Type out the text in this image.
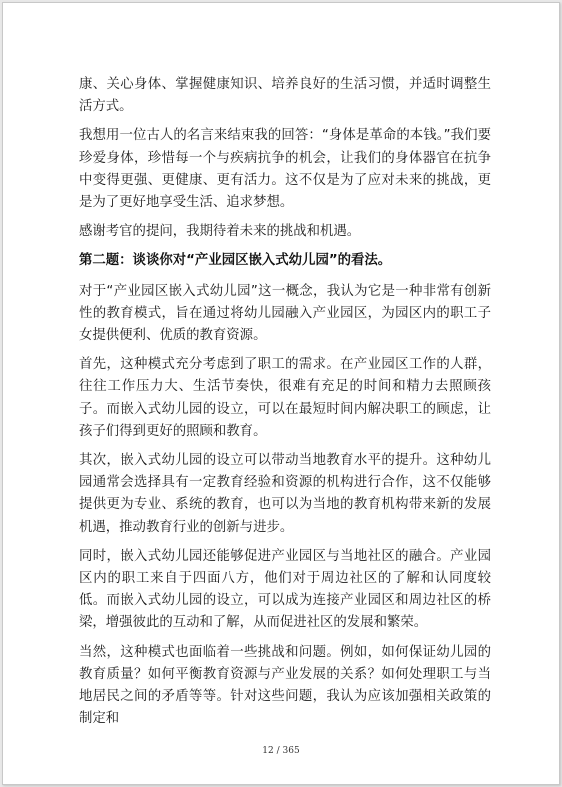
康、关心身体、掌握健康知识、培养良好的生活习惯，并适时调整生活方式。

我想用一位古人的名言来结束我的回答：“身体是革命的本钱。”我们要珍爱身体，珍惜每一个与疾病抗争的机会，让我们的身体器官在抗争中变得更强、更健康、更有活力。这不仅是为了应对未来的挑战，更是为了更好地享受生活、追求梦想。

感谢考官的提问，我期待着未来的挑战和机遇。

第二题：谈谈你对“产业园区嵌入式幼儿园”的看法。

对于“产业园区嵌入式幼儿园”这一概念，我认为它是一种非常有创新性的教育模式，旨在通过将幼儿园融入产业园区，为园区内的职工子女提供便利、优质的教育资源。

首先，这种模式充分考虑到了职工的需求。在产业园区工作的人群，往往工作压力大、生活节奏快，很难有充足的时间和精力去照顾孩子。而嵌入式幼儿园的设立，可以在最短时间内解决职工的顾虑，让孩子们得到更好的照顾和教育。

其次，嵌入式幼儿园的设立可以带动当地教育水平的提升。这种幼儿园通常会选择具有一定教育经验和资源的机构进行合作，这不仅能够提供更为专业、系统的教育，也可以为当地的教育机构带来新的发展机遇，推动教育行业的创新与进步。

同时，嵌入式幼儿园还能够促进产业园区与当地社区的融合。产业园区内的职工来自于四面八方，他们对于周边社区的了解和认同度较低。而嵌入式幼儿园的设立，可以成为连接产业园区和周边社区的桥梁，增强彼此的互动和了解，从而促进社区的发展和繁荣。

当然，这种模式也面临着一些挑战和问题。例如，如何保证幼儿园的教育质量？如何平衡教育资源与产业发展的关系？如何处理职工与当地居民之间的矛盾等等。针对这些问题，我认为应该加强相关政策的制定和

12 / 365
